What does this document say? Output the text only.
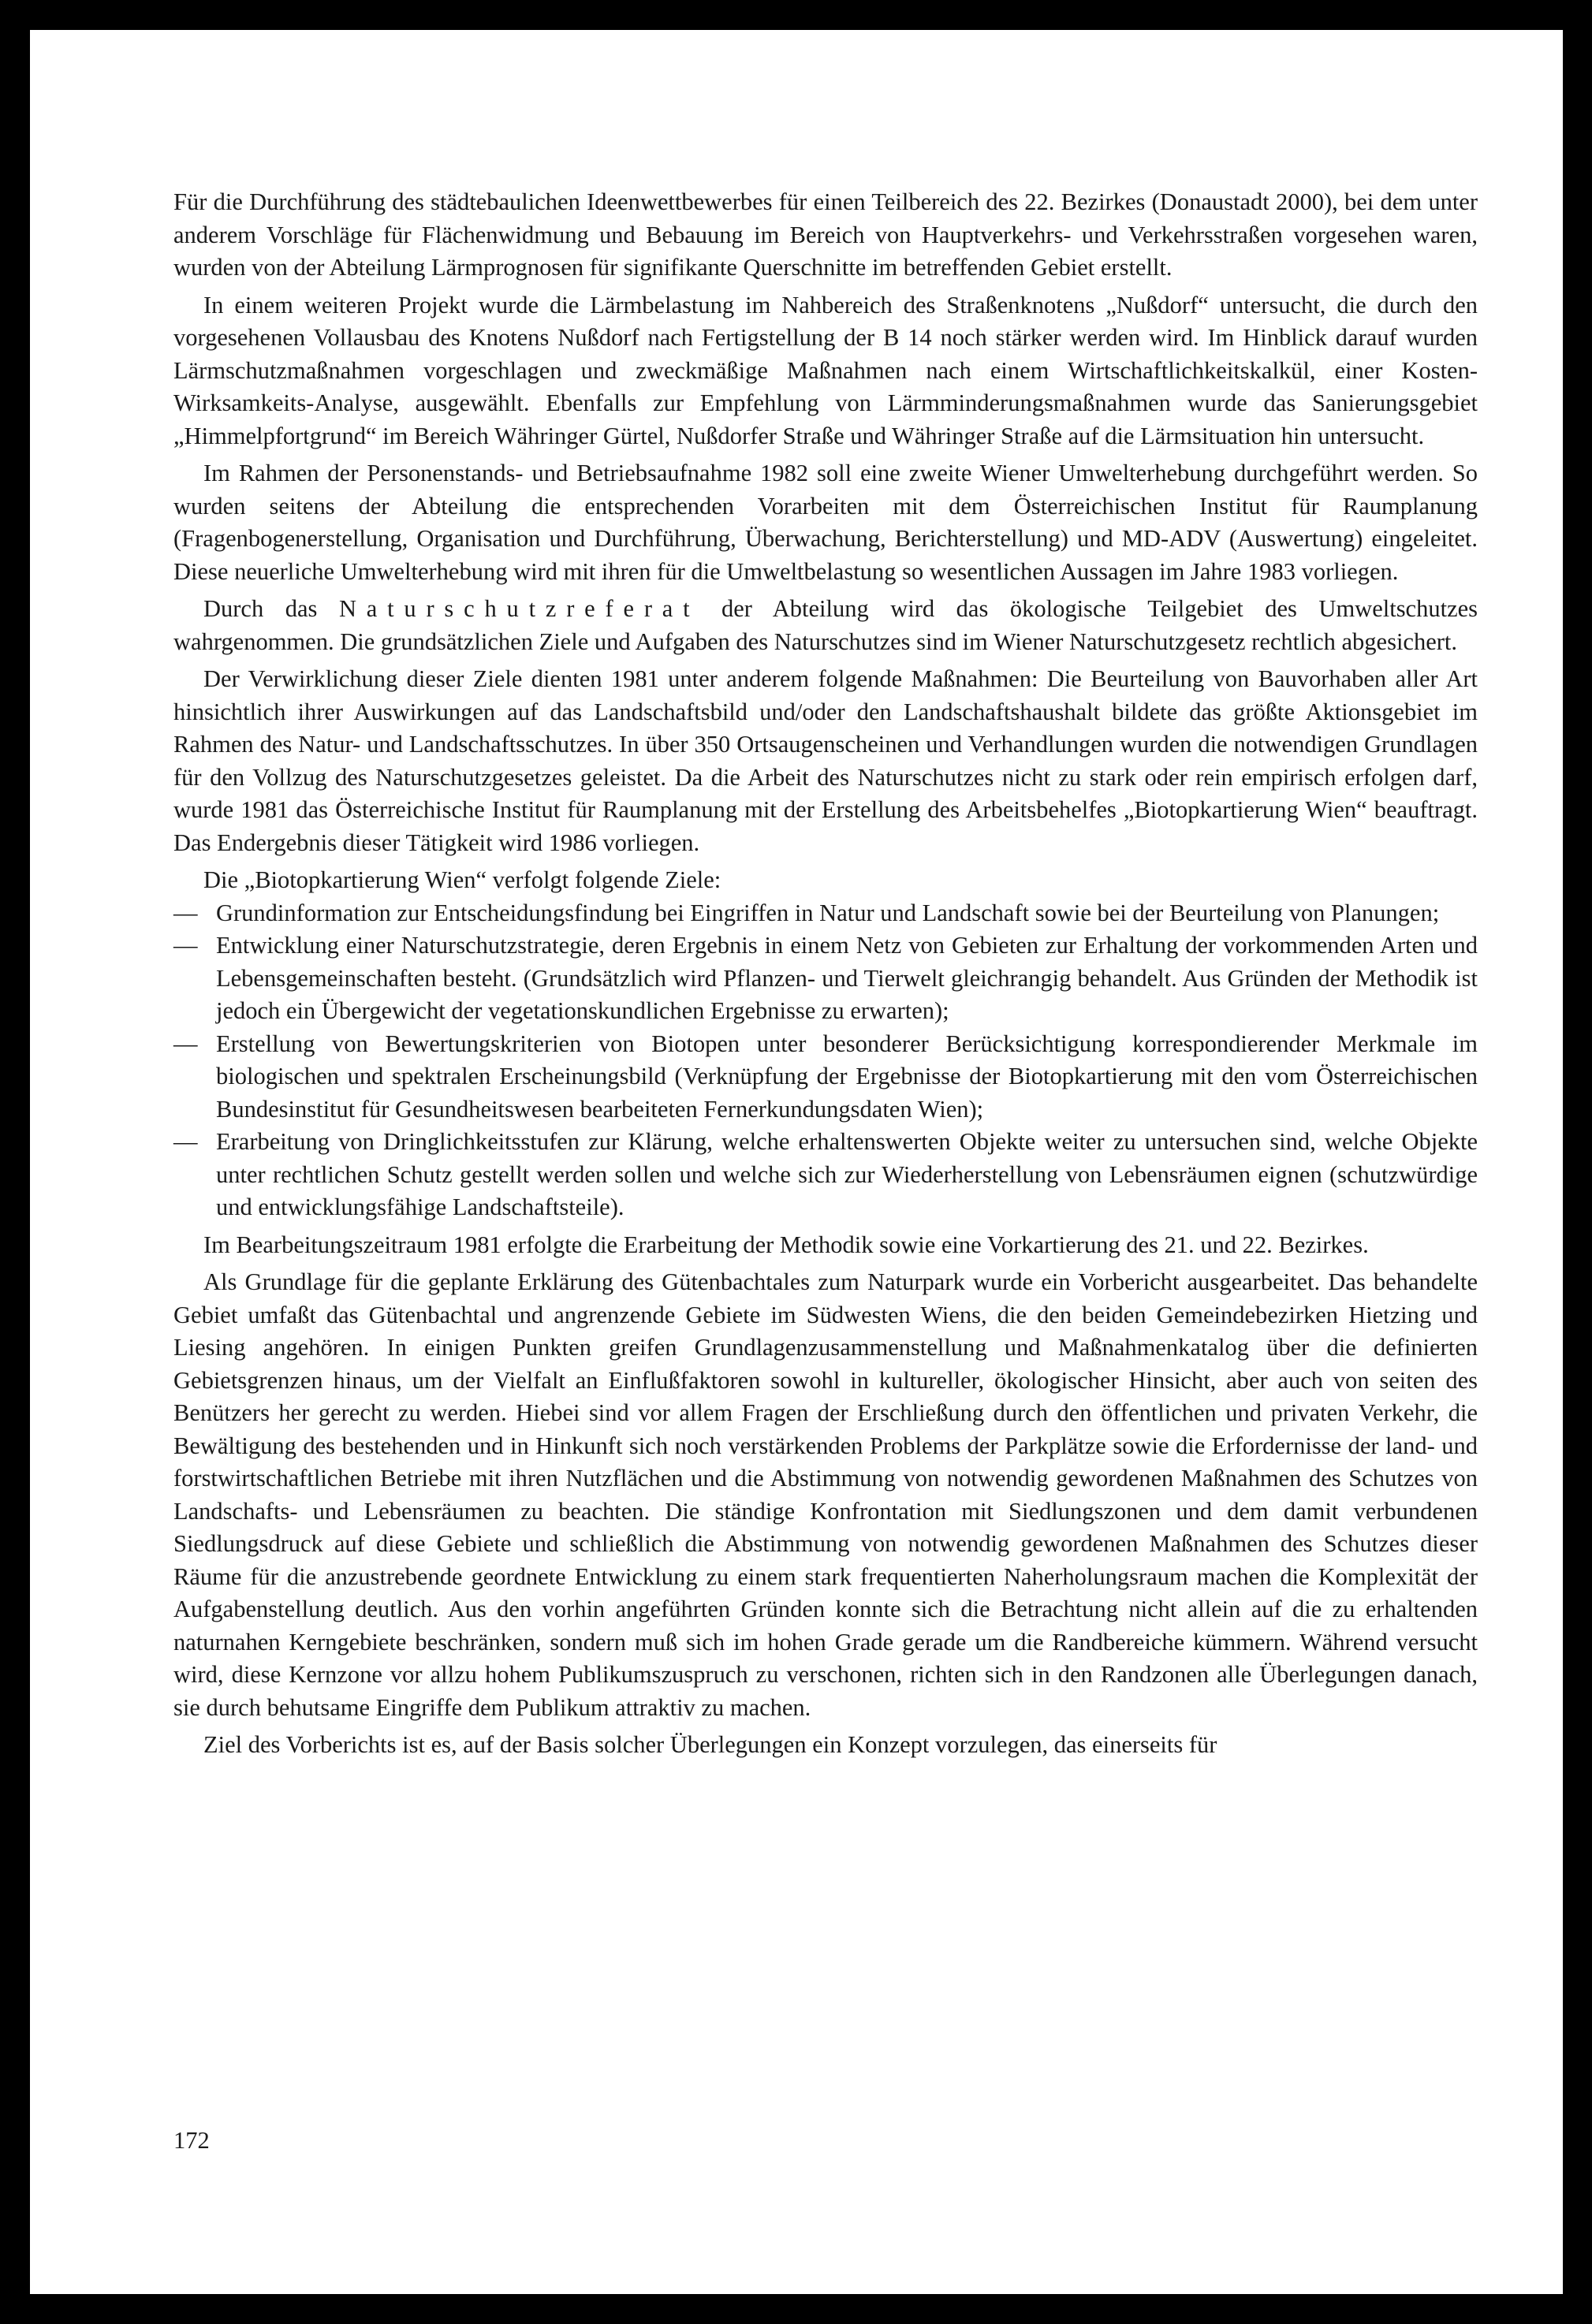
Für die Durchführung des städtebaulichen Ideenwettbewerbes für einen Teilbereich des 22. Bezirkes (Donaustadt 2000), bei dem unter anderem Vorschläge für Flächenwidmung und Bebauung im Bereich von Hauptverkehrs- und Verkehrsstraßen vorgesehen waren, wurden von der Abteilung Lärmprognosen für signifikante Querschnitte im betreffenden Gebiet erstellt.

In einem weiteren Projekt wurde die Lärmbelastung im Nahbereich des Straßenknotens „Nußdorf“ untersucht, die durch den vorgesehenen Vollausbau des Knotens Nußdorf nach Fertigstellung der B 14 noch stärker werden wird. Im Hinblick darauf wurden Lärmschutzmaßnahmen vorgeschlagen und zweckmäßige Maßnahmen nach einem Wirtschaftlichkeitskalkül, einer Kosten-Wirksamkeits-Analyse, ausgewählt. Ebenfalls zur Empfehlung von Lärmminderungsmaßnahmen wurde das Sanierungsgebiet „Himmelpfortgrund“ im Bereich Währinger Gürtel, Nußdorfer Straße und Währinger Straße auf die Lärmsituation hin untersucht.

Im Rahmen der Personenstands- und Betriebsaufnahme 1982 soll eine zweite Wiener Umwelterhebung durchgeführt werden. So wurden seitens der Abteilung die entsprechenden Vorarbeiten mit dem Österreichischen Institut für Raumplanung (Fragenbogenerstellung, Organisation und Durchführung, Überwachung, Berichterstellung) und MD-ADV (Auswertung) eingeleitet. Diese neuerliche Umwelterhebung wird mit ihren für die Umweltbelastung so wesentlichen Aussagen im Jahre 1983 vorliegen.

Durch das Naturschutzreferat der Abteilung wird das ökologische Teilgebiet des Umweltschutzes wahrgenommen. Die grundsätzlichen Ziele und Aufgaben des Naturschutzes sind im Wiener Naturschutzgesetz rechtlich abgesichert.

Der Verwirklichung dieser Ziele dienten 1981 unter anderem folgende Maßnahmen: Die Beurteilung von Bauvorhaben aller Art hinsichtlich ihrer Auswirkungen auf das Landschaftsbild und/oder den Landschaftshaushalt bildete das größte Aktionsgebiet im Rahmen des Natur- und Landschaftsschutzes. In über 350 Ortsaugenscheinen und Verhandlungen wurden die notwendigen Grundlagen für den Vollzug des Naturschutzgesetzes geleistet. Da die Arbeit des Naturschutzes nicht zu stark oder rein empirisch erfolgen darf, wurde 1981 das Österreichische Institut für Raumplanung mit der Erstellung des Arbeitsbehelfes „Biotopkartierung Wien“ beauftragt. Das Endergebnis dieser Tätigkeit wird 1986 vorliegen.

Die „Biotopkartierung Wien“ verfolgt folgende Ziele:

— Grundinformation zur Entscheidungsfindung bei Eingriffen in Natur und Landschaft sowie bei der Beurteilung von Planungen;
— Entwicklung einer Naturschutzstrategie, deren Ergebnis in einem Netz von Gebieten zur Erhaltung der vorkommenden Arten und Lebensgemeinschaften besteht. (Grundsätzlich wird Pflanzen- und Tierwelt gleichrangig behandelt. Aus Gründen der Methodik ist jedoch ein Übergewicht der vegetationskundlichen Ergebnisse zu erwarten);
— Erstellung von Bewertungskriterien von Biotopen unter besonderer Berücksichtigung korrespondierender Merkmale im biologischen und spektralen Erscheinungsbild (Verknüpfung der Ergebnisse der Biotopkartierung mit den vom Österreichischen Bundesinstitut für Gesundheitswesen bearbeiteten Fernerkundungsdaten Wien);
— Erarbeitung von Dringlichkeitsstufen zur Klärung, welche erhaltenswerten Objekte weiter zu untersuchen sind, welche Objekte unter rechtlichen Schutz gestellt werden sollen und welche sich zur Wiederherstellung von Lebensräumen eignen (schutzwürdige und entwicklungsfähige Landschaftsteile).

Im Bearbeitungszeitraum 1981 erfolgte die Erarbeitung der Methodik sowie eine Vorkartierung des 21. und 22. Bezirkes.

Als Grundlage für die geplante Erklärung des Gütenbachtales zum Naturpark wurde ein Vorbericht ausgearbeitet. Das behandelte Gebiet umfaßt das Gütenbachtal und angrenzende Gebiete im Südwesten Wiens, die den beiden Gemeindebezirken Hietzing und Liesing angehören. In einigen Punkten greifen Grundlagenzusammenstellung und Maßnahmenkatalog über die definierten Gebietsgrenzen hinaus, um der Vielfalt an Einflußfaktoren sowohl in kultureller, ökologischer Hinsicht, aber auch von seiten des Benützers her gerecht zu werden. Hiebei sind vor allem Fragen der Erschließung durch den öffentlichen und privaten Verkehr, die Bewältigung des bestehenden und in Hinkunft sich noch verstärkenden Problems der Parkplätze sowie die Erfordernisse der land- und forstwirtschaftlichen Betriebe mit ihren Nutzflächen und die Abstimmung von notwendig gewordenen Maßnahmen des Schutzes von Landschafts- und Lebensräumen zu beachten. Die ständige Konfrontation mit Siedlungszonen und dem damit verbundenen Siedlungsdruck auf diese Gebiete und schließlich die Abstimmung von notwendig gewordenen Maßnahmen des Schutzes dieser Räume für die anzustrebende geordnete Entwicklung zu einem stark frequentierten Naherholungsraum machen die Komplexität der Aufgabenstellung deutlich. Aus den vorhin angeführten Gründen konnte sich die Betrachtung nicht allein auf die zu erhaltenden naturnahen Kerngebiete beschränken, sondern muß sich im hohen Grade gerade um die Randbereiche kümmern. Während versucht wird, diese Kernzone vor allzu hohem Publikumszuspruch zu verschonen, richten sich in den Randzonen alle Überlegungen danach, sie durch behutsame Eingriffe dem Publikum attraktiv zu machen.

Ziel des Vorberichts ist es, auf der Basis solcher Überlegungen ein Konzept vorzulegen, das einerseits für

172
